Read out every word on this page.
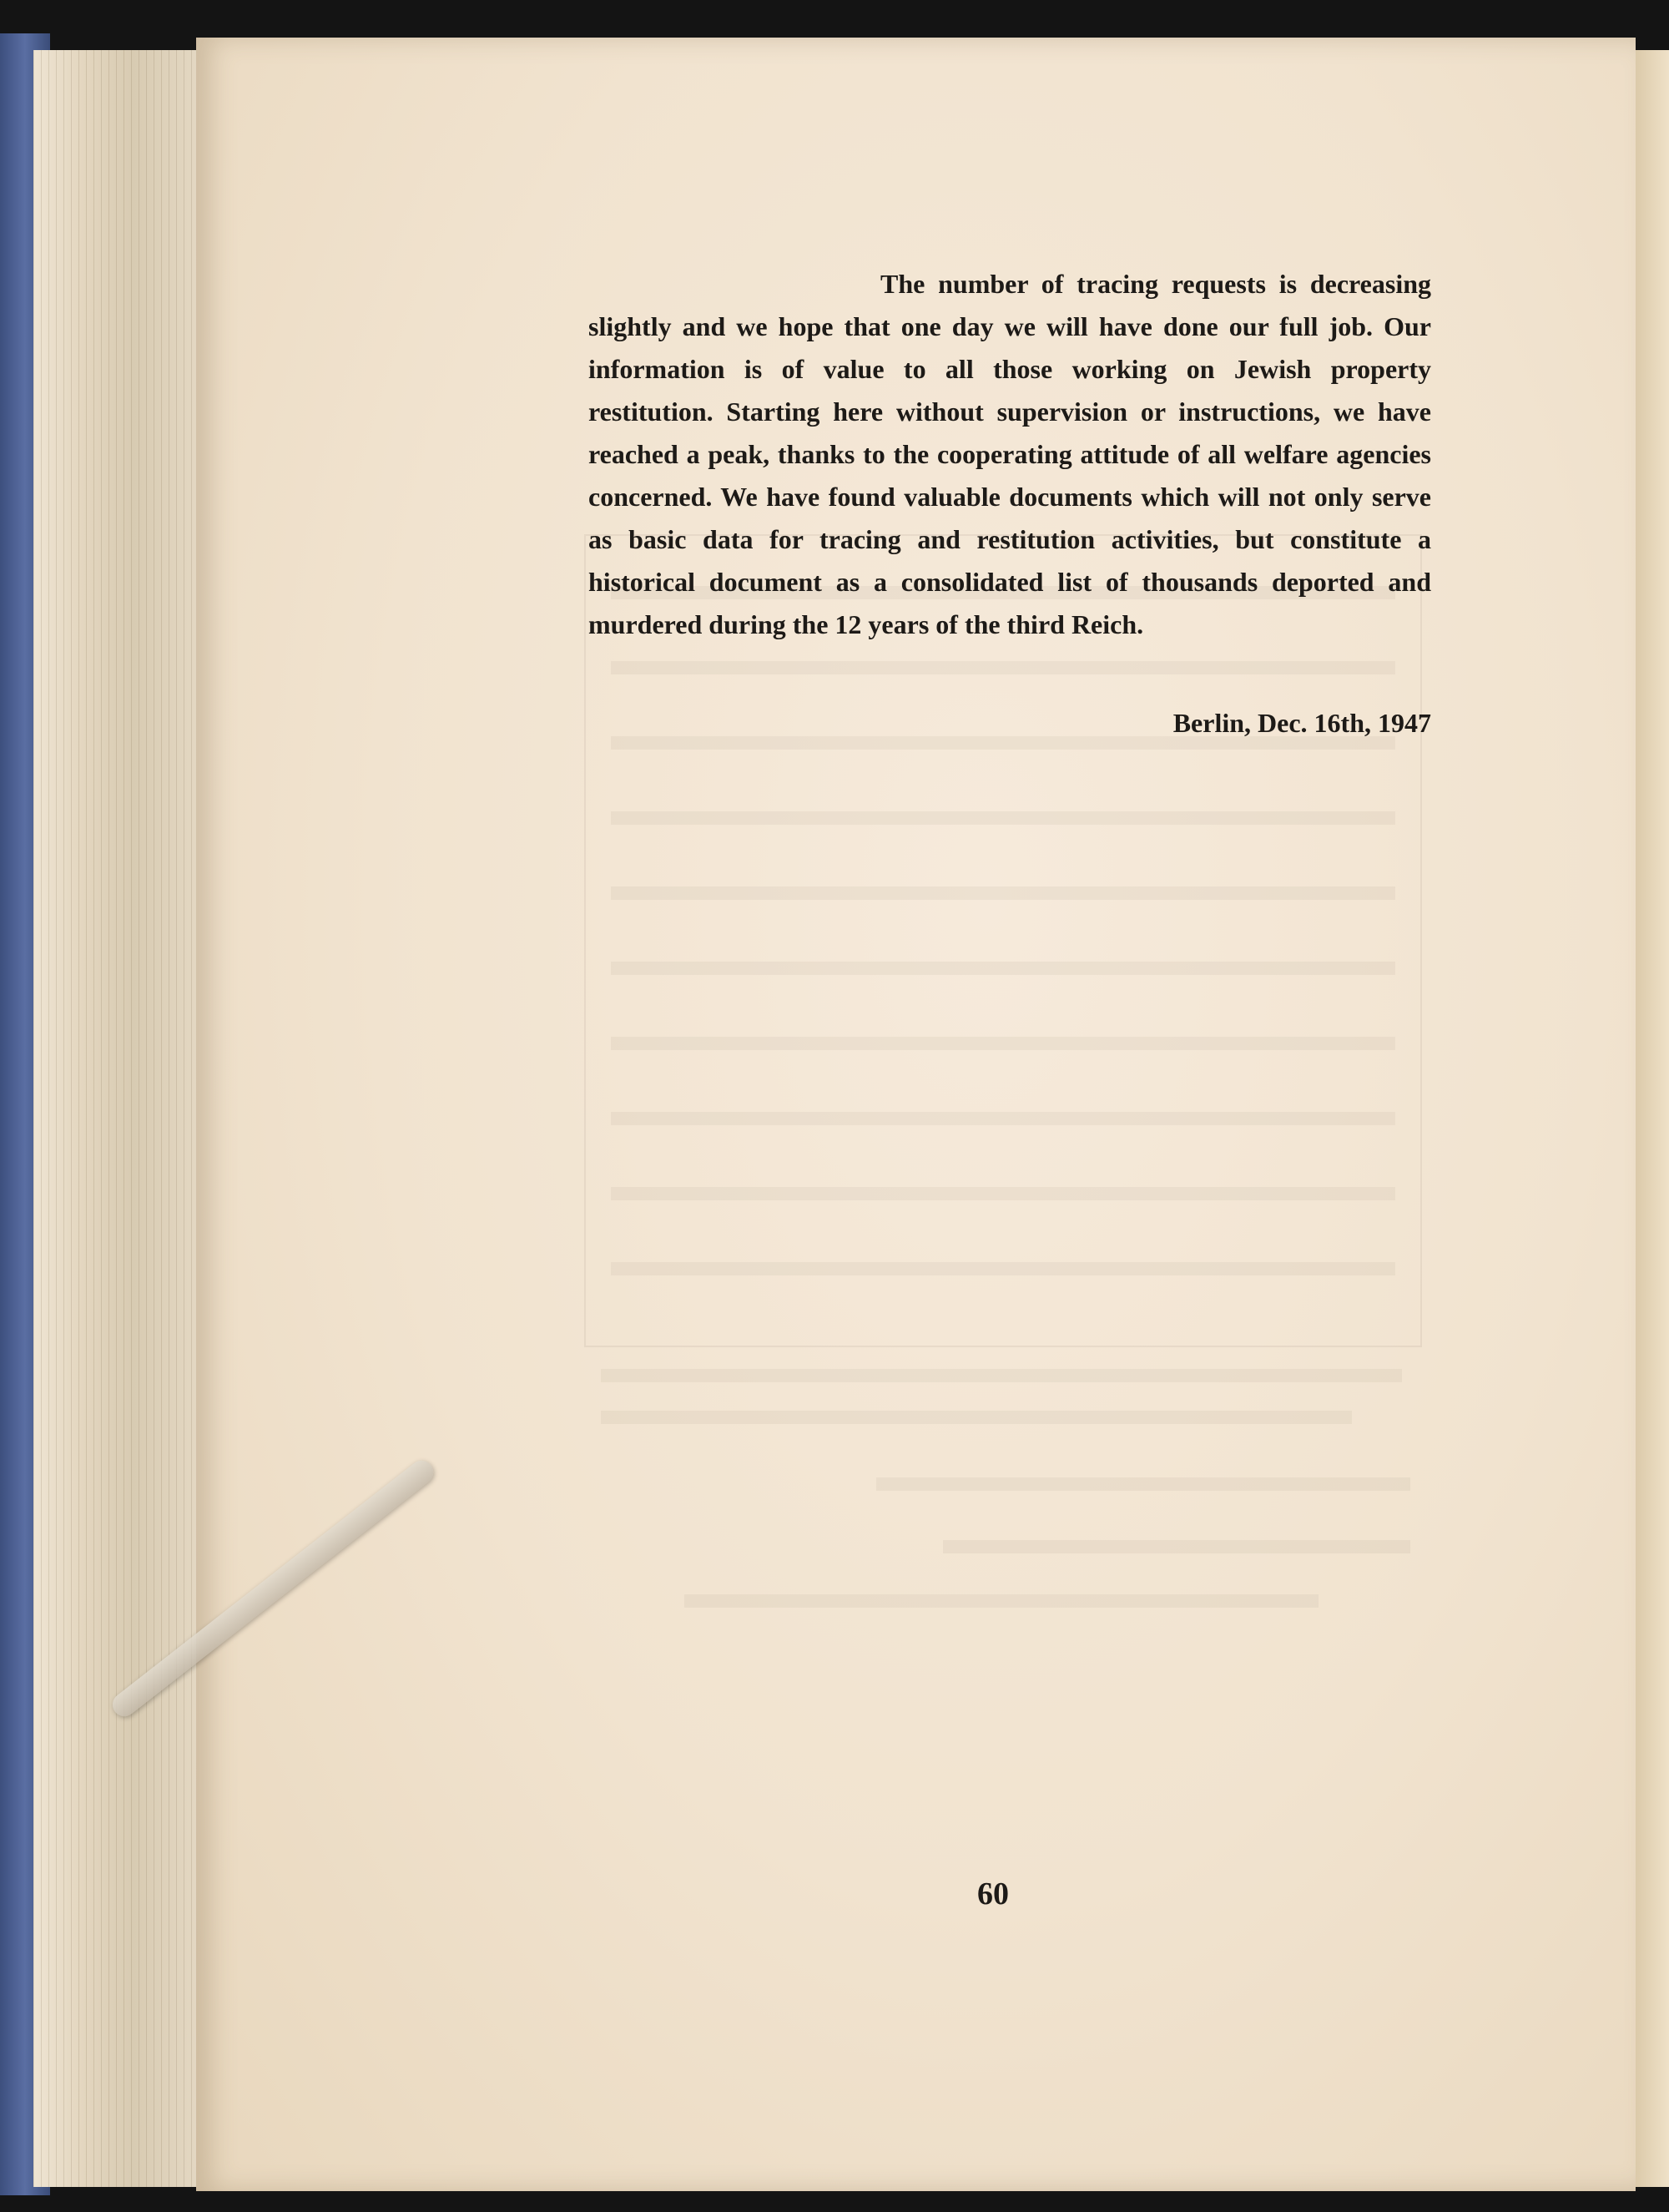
The number of tracing requests is decreasing slightly and we hope that one day we will have done our full job. Our information is of value to all those working on Jewish property restitution. Starting here without supervision or instructions, we have reached a peak, thanks to the cooperating attitude of all welfare agencies concerned. We have found valuable documents which will not only serve as basic data for tracing and restitution activities, but constitute a historical document as a consolidated list of thousands deported and murdered during the 12 years of the third Reich.

Berlin, Dec. 16th, 1947
60
